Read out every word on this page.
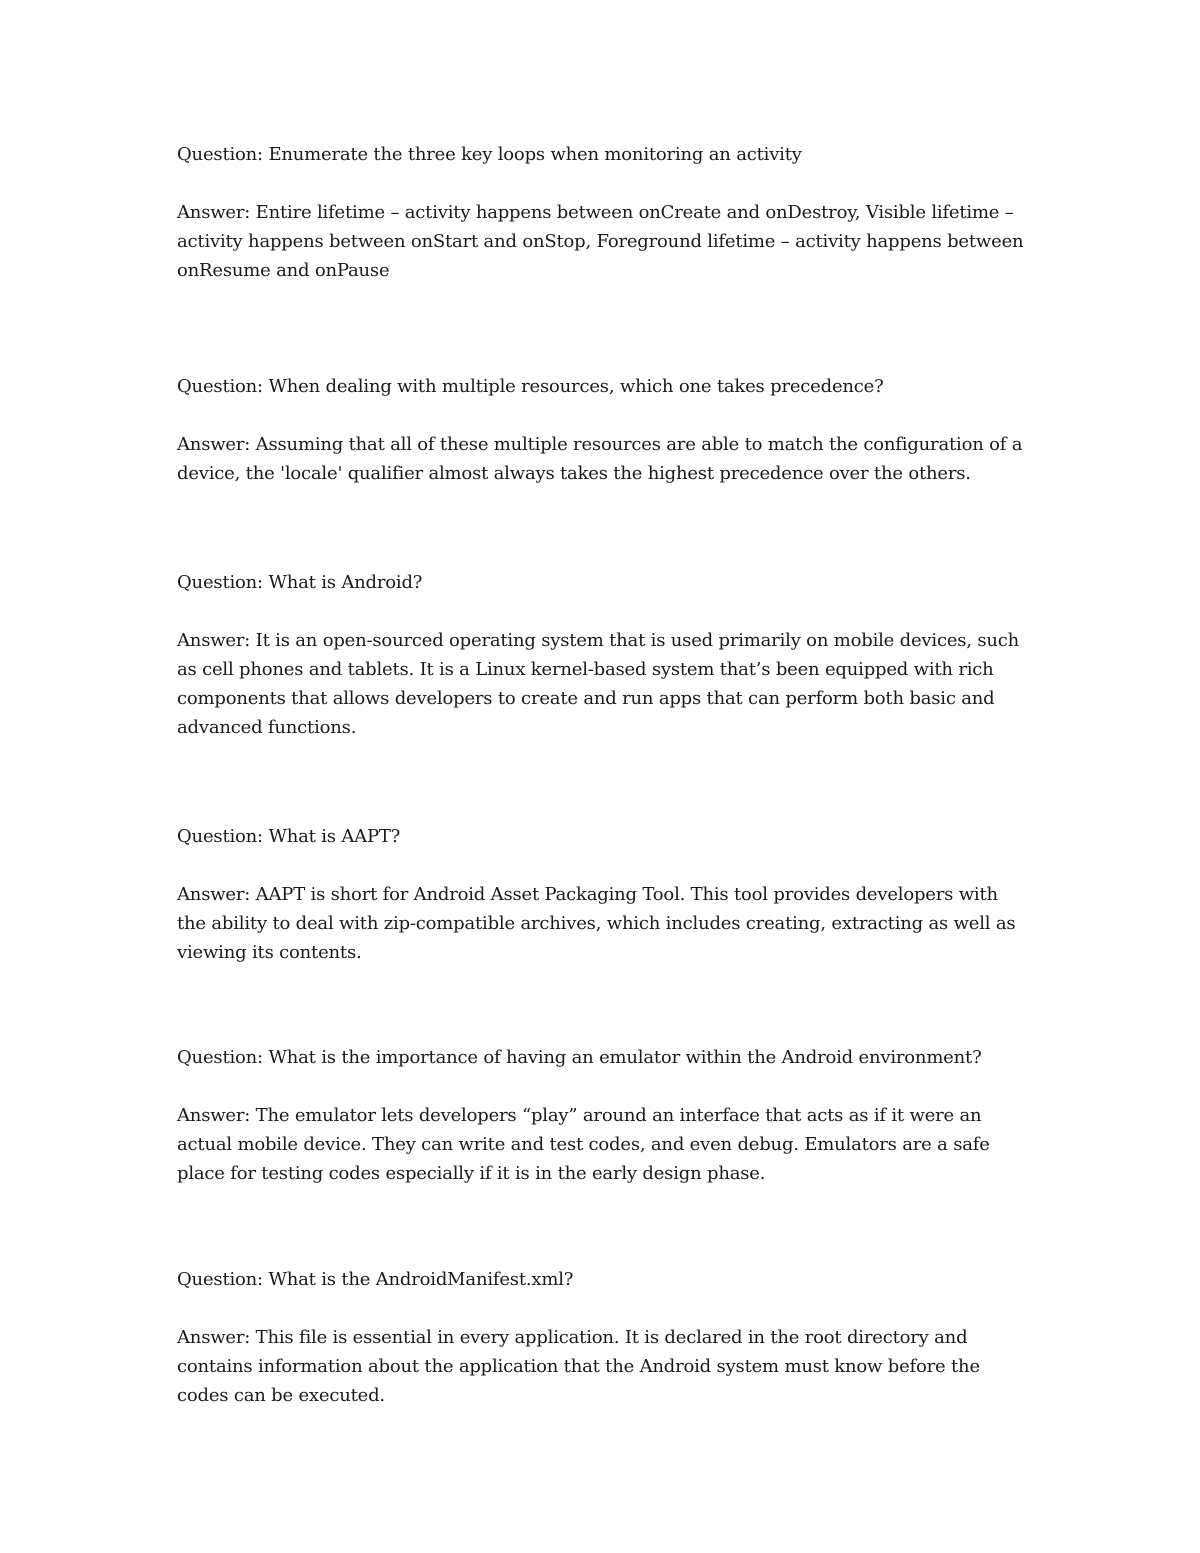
Question: Enumerate the three key loops when monitoring an activity

Answer: Entire lifetime – activity happens between onCreate and onDestroy, Visible lifetime – activity happens between onStart and onStop, Foreground lifetime – activity happens between onResume and onPause

Question: When dealing with multiple resources, which one takes precedence?

Answer: Assuming that all of these multiple resources are able to match the configuration of a device, the 'locale' qualifier almost always takes the highest precedence over the others.

Question: What is Android?

Answer: It is an open-sourced operating system that is used primarily on mobile devices, such as cell phones and tablets. It is a Linux kernel-based system that’s been equipped with rich components that allows developers to create and run apps that can perform both basic and advanced functions.

Question: What is AAPT?

Answer: AAPT is short for Android Asset Packaging Tool. This tool provides developers with the ability to deal with zip-compatible archives, which includes creating, extracting as well as viewing its contents.

Question: What is the importance of having an emulator within the Android environment?

Answer: The emulator lets developers “play” around an interface that acts as if it were an actual mobile device. They can write and test codes, and even debug. Emulators are a safe place for testing codes especially if it is in the early design phase.

Question: What is the AndroidManifest.xml?

Answer: This file is essential in every application. It is declared in the root directory and contains information about the application that the Android system must know before the codes can be executed.
